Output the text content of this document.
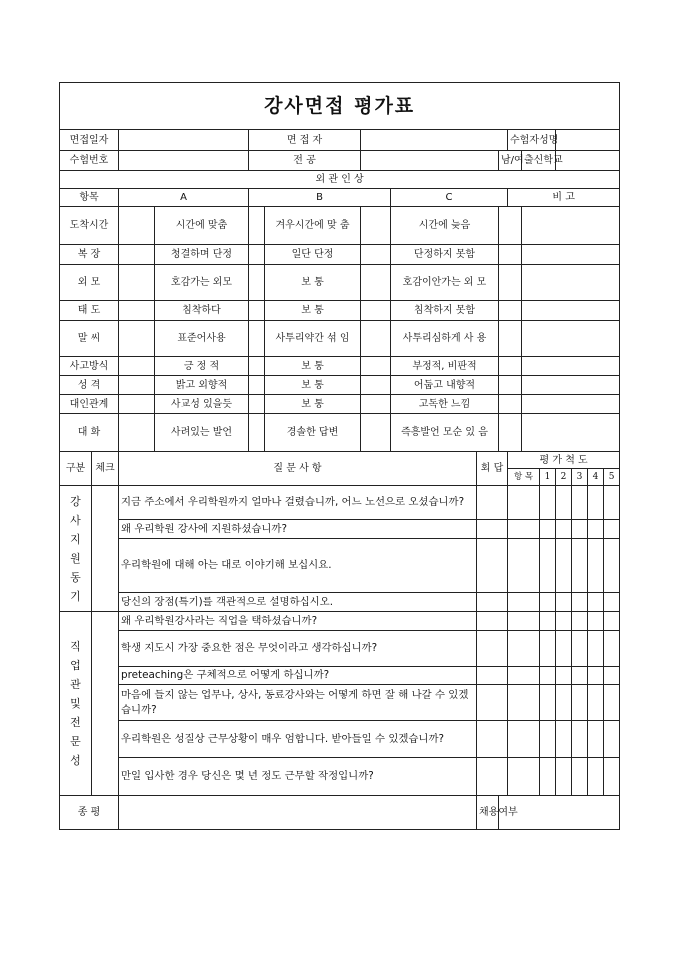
강사면접 평가표																
면접일자				면 접 자						수험자성명						
수험번호				전 공					남/여		출신학교					
외 관 인 상																
항목		A		B			C			비 고						
도착시간			시간에 맞춤		겨우시간에 맞 춤		시간에 늦음									
복 장			청결하며 단정		일단 단정		단정하지 못함									
외 모			호감가는 외모		보 통		호감이안가는 외 모									
태 도			침착하다		보 통		침착하지 못함									
말 씨			표준어사용		사투리약간 섞 임		사투리심하게 사 용									
사고방식			긍 정 적		보 통		부정적, 비판적									
성 격			밝고 외향적		보 통		어둡고 내향적									
대인관계			사교성 있을듯		보 통		고독한 느낌									
대 화			사려있는 발언		경솔한 답변		즉흥발언 모순 있 음									
구분	체크	질 문 사 항						회 답		평 가 척 도						
										항 목		1	2	3	4	5
강사지원동기		지금 주소에서 우리학원까지 얼마나 걸렸습니까, 어느 노선으로 오셨습니까?														
		왜 우리학원 강사에 지원하셨습니까?														
		우리학원에 대해 아는 대로 이야기해 보십시요.														
		당신의 장점(특기)를 객관적으로 설명하십시오.														
직업관및전문성		왜 우리학원강사라는 직업을 택하셨습니까?														
		학생 지도시 가장 중요한 점은 무엇이라고 생각하십니까?														
		preteaching은 구체적으로 어떻게 하십니까?														
		마음에 들지 않는 업무나, 상사, 동료강사와는 어떻게 하면 잘 해 나갈 수 있겠습니까?														
		우리학원은 성질상 근무상황이 매우 엄합니다. 받아들일 수 있겠습니까?														
		만일 입사한 경우 당신은 몇 년 정도 근무할 작정입니까?														
종 평								채용여부								
